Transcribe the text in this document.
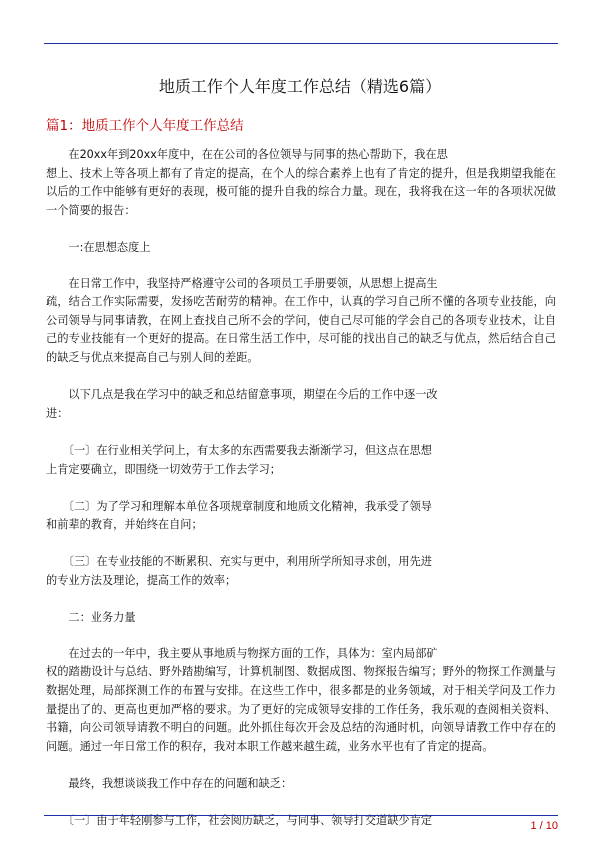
地质工作个人年度工作总结（精选6篇）
篇1：地质工作个人年度工作总结

　　在20xx年到20xx年度中，在在公司的各位领导与同事的热心帮助下，我在思
想上、技术上等各项上都有了肯定的提高，在个人的综合素养上也有了肯定的提升，但是我期望我能在以后的工作中能够有更好的表现，极可能的提升自我的综合力量。现在，我将我在这一年的各项状况做一个简要的报告：

　　一:在思想态度上

　　在日常工作中，我坚持严格遵守公司的各项员工手册要领，从思想上提高生
疏，结合工作实际需要，发扬吃苦耐劳的精神。在工作中，认真的学习自己所不懂的各项专业技能，向公司领导与同事请教，在网上查找自己所不会的学问，使自己尽可能的学会自己的各项专业技术，让自己的专业技能有一个更好的提高。在日常生活工作中，尽可能的找出自己的缺乏与优点，然后结合自己的缺乏与优点来提高自己与别人间的差距。

　　以下几点是我在学习中的缺乏和总结留意事项，期望在今后的工作中逐一改
进：

　　〔一〕在行业相关学问上，有太多的东西需要我去渐渐学习，但这点在思想
上肯定要确立，即围绕一切效劳于工作去学习；

　　〔二〕为了学习和理解本单位各项规章制度和地质文化精神，我承受了领导
和前辈的教育，并始终在自问；

　　〔三〕在专业技能的不断累积、充实与更中，利用所学所知寻求创，用先进
的专业方法及理论，提高工作的效率；

　　二：业务力量

　　在过去的一年中，我主要从事地质与物探方面的工作，具体为：室内局部矿
权的踏勘设计与总结、野外踏勘编写，计算机制图、数据成图、物探报告编写；野外的物探工作测量与数据处理，局部探测工作的布置与安排。在这些工作中，很多都是的业务领域，对于相关学问及工作力量提出了的、更高也更加严格的要求。为了更好的完成领导安排的工作任务，我乐观的查阅相关资料、书籍，向公司领导请教不明白的问题。此外抓住每次开会及总结的沟通时机，向领导请教工作中存在的问题。通过一年日常工作的积存，我对本职工作越来越生疏，业务水平也有了肯定的提高。

　　最终，我想谈谈我工作中存在的问题和缺乏：

　　〔一〕由于年轻刚参与工作，社会阅历缺乏，与同事、领导打交道缺少肯定	1 / 10
